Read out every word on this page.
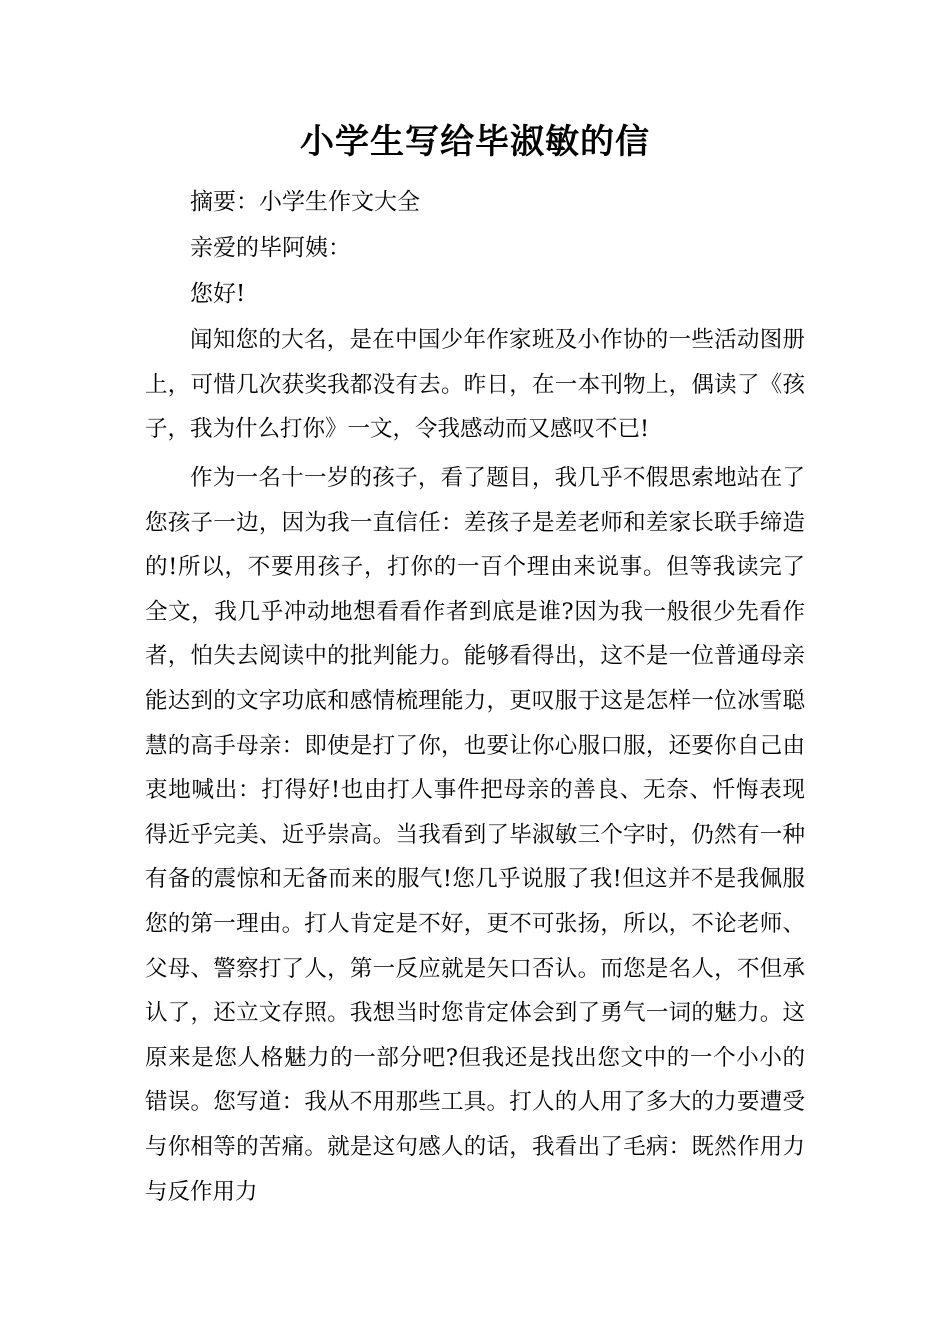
小学生写给毕淑敏的信

摘要：小学生作文大全

亲爱的毕阿姨：

您好!

闻知您的大名，是在中国少年作家班及小作协的一些活动图册上，可惜几次获奖我都没有去。昨日，在一本刊物上，偶读了《孩子，我为什么打你》一文，令我感动而又感叹不已!

作为一名十一岁的孩子，看了题目，我几乎不假思索地站在了您孩子一边，因为我一直信任：差孩子是差老师和差家长联手缔造的!所以，不要用孩子，打你的一百个理由来说事。但等我读完了全文，我几乎冲动地想看看作者到底是谁?因为我一般很少先看作者，怕失去阅读中的批判能力。能够看得出，这不是一位普通母亲能达到的文字功底和感情梳理能力，更叹服于这是怎样一位冰雪聪慧的高手母亲：即使是打了你，也要让你心服口服，还要你自己由衷地喊出：打得好!也由打人事件把母亲的善良、无奈、忏悔表现得近乎完美、近乎崇高。当我看到了毕淑敏三个字时，仍然有一种有备的震惊和无备而来的服气!您几乎说服了我!但这并不是我佩服您的第一理由。打人肯定是不好，更不可张扬，所以，不论老师、父母、警察打了人，第一反应就是矢口否认。而您是名人，不但承认了，还立文存照。我想当时您肯定体会到了勇气一词的魅力。这原来是您人格魅力的一部分吧?但我还是找出您文中的一个小小的错误。您写道：我从不用那些工具。打人的人用了多大的力要遭受与你相等的苦痛。就是这句感人的话，我看出了毛病：既然作用力与反作用力
